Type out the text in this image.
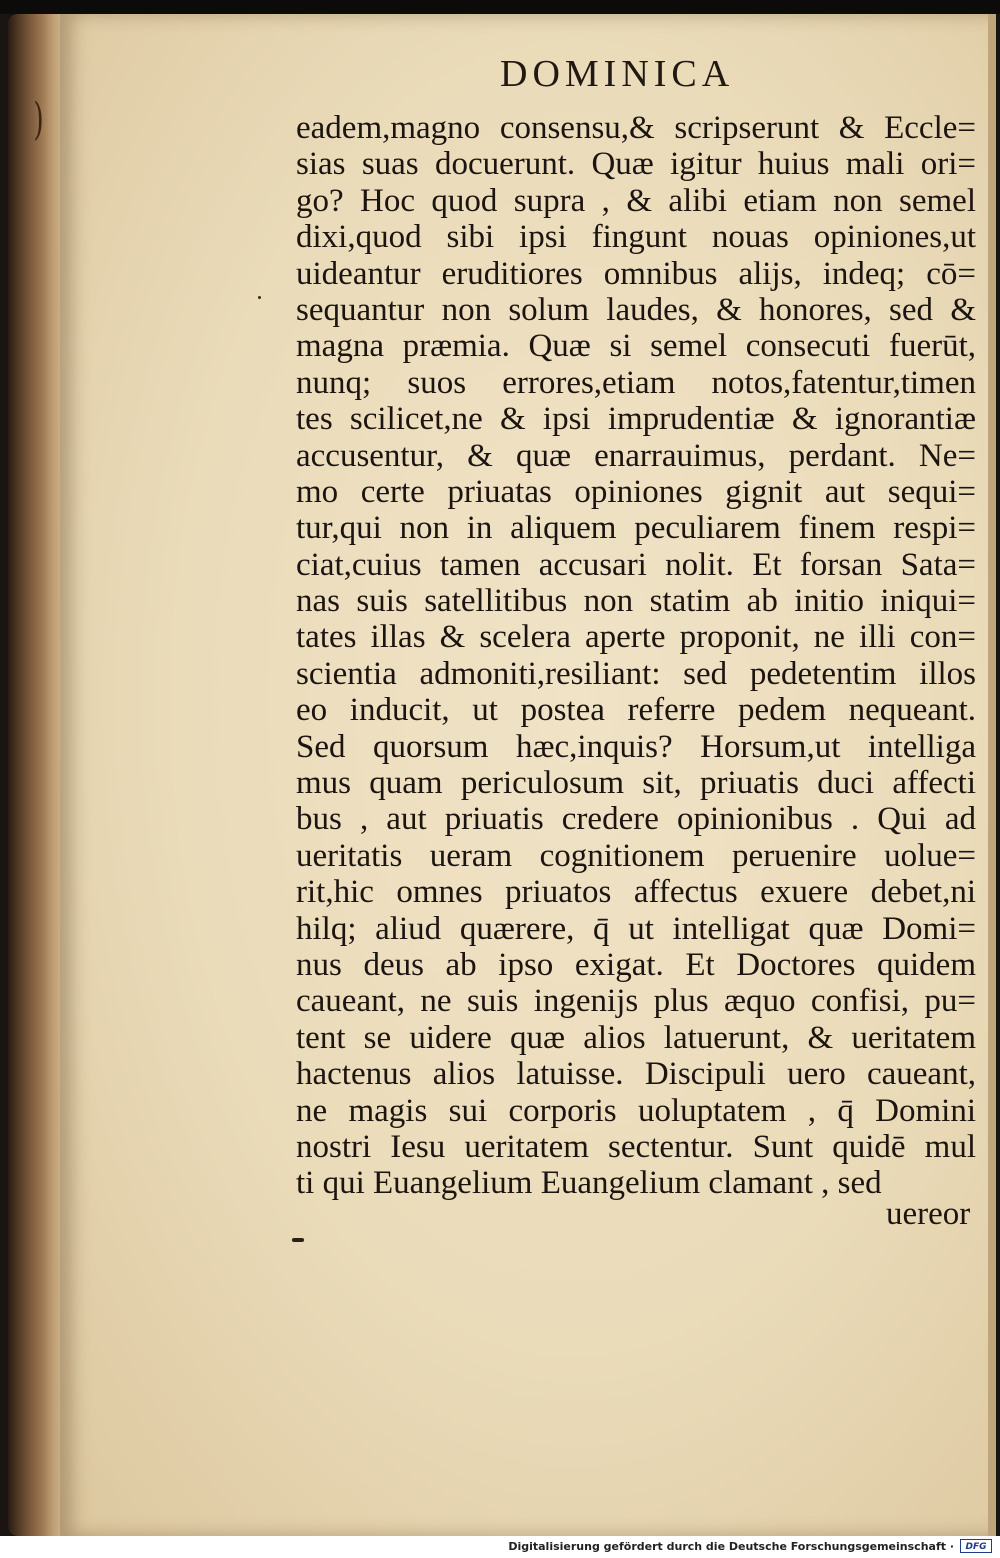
)
DOMINICA
eadem,magno consensu,& scripserunt & Eccle=
sias suas docuerunt. Quæ igitur huius mali ori=
go? Hoc quod supra , & alibi etiam non semel
dixi,quod sibi ipsi fingunt nouas opiniones,ut
uideantur eruditiores omnibus alijs, indeq; cō=
sequantur non solum laudes, & honores, sed &
magna præmia. Quæ si semel consecuti fuerūt,
nunq; suos errores,etiam notos,fatentur,timen
tes scilicet,ne & ipsi imprudentiæ & ignorantiæ
accusentur, & quæ enarrauimus, perdant. Ne=
mo certe priuatas opiniones gignit aut sequi=
tur,qui non in aliquem peculiarem finem respi=
ciat,cuius tamen accusari nolit. Et forsan Sata=
nas suis satellitibus non statim ab initio iniqui=
tates illas & scelera aperte proponit, ne illi con=
scientia admoniti,resiliant: sed pedetentim illos
eo inducit, ut postea referre pedem nequeant.
Sed quorsum hæc,inquis? Horsum,ut intelliga
mus quam periculosum sit, priuatis duci affecti
bus , aut priuatis credere opinionibus . Qui ad
ueritatis ueram cognitionem peruenire uolue=
rit,hic omnes priuatos affectus exuere debet,ni
hilq; aliud quærere, q̄ ut intelligat quæ Domi=
nus deus ab ipso exigat. Et Doctores quidem
caueant, ne suis ingenijs plus æquo confisi, pu=
tent se uidere quæ alios latuerunt, & ueritatem
hactenus alios latuisse. Discipuli uero caueant,
ne magis sui corporis uoluptatem , q̄ Domini
nostri Iesu ueritatem sectentur. Sunt quidē mul
ti qui Euangelium Euangelium clamant , sed
uereor
Digitalisierung gefördert durch die Deutsche Forschungsgemeinschaft ·	DFG
